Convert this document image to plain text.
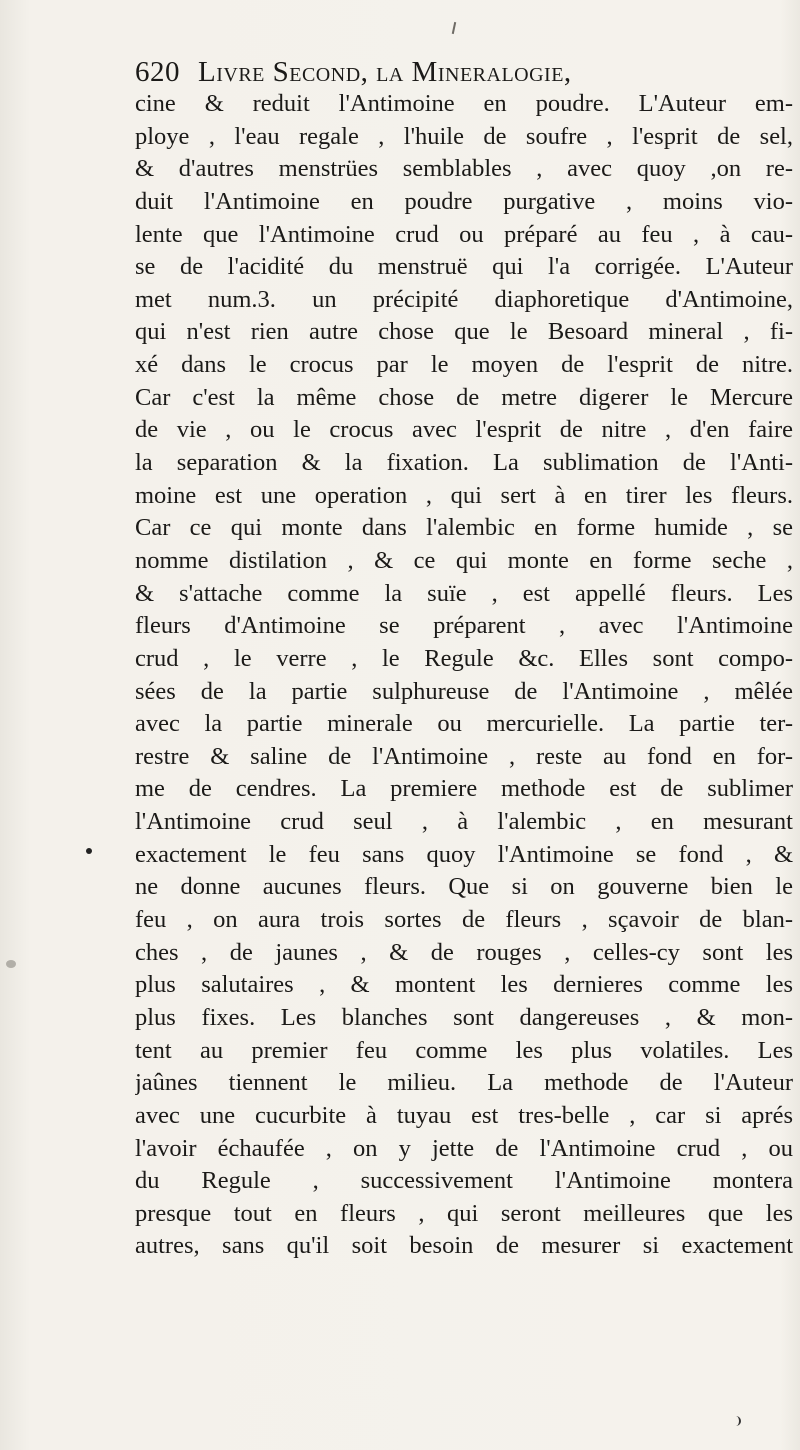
620 Livre Second, la Mineralogie,
cine & reduit l'Antimoine en poudre. L'Auteur em-
ploye , l'eau regale , l'huile de soufre , l'esprit de sel,
& d'autres menstrües semblables , avec quoy ,on re-
duit l'Antimoine en poudre purgative , moins vio-
lente que l'Antimoine crud ou préparé au feu , à cau-
se de l'acidité du menstruë qui l'a corrigée. L'Auteur
met num.3. un précipité diaphoretique d'Antimoine,
qui n'est rien autre chose que le Besoard mineral , fi-
xé dans le crocus par le moyen de l'esprit de nitre.
Car c'est la même chose de metre digerer le Mercure
de vie , ou le crocus avec l'esprit de nitre , d'en faire
la separation & la fixation. La sublimation de l'Anti-
moine est une operation , qui sert à en tirer les fleurs.
Car ce qui monte dans l'alembic en forme humide , se
nomme distilation , & ce qui monte en forme seche ,
& s'attache comme la suïe , est appellé fleurs. Les
fleurs d'Antimoine se préparent , avec l'Antimoine
crud , le verre , le Regule &c. Elles sont compo-
sées de la partie sulphureuse de l'Antimoine , mêlée
avec la partie minerale ou mercurielle. La partie ter-
restre & saline de l'Antimoine , reste au fond en for-
me de cendres. La premiere methode est de sublimer
l'Antimoine crud seul , à l'alembic , en mesurant
exactement le feu sans quoy l'Antimoine se fond , &
ne donne aucunes fleurs. Que si on gouverne bien le
feu , on aura trois sortes de fleurs , sçavoir de blan-
ches , de jaunes , & de rouges , celles-cy sont les
plus salutaires , & montent les dernieres comme les
plus fixes. Les blanches sont dangereuses , & mon-
tent au premier feu comme les plus volatiles. Les
jaûnes tiennent le milieu. La methode de l'Auteur
avec une cucurbite à tuyau est tres-belle , car si aprés
l'avoir échaufée , on y jette de l'Antimoine crud , ou
du Regule , successivement l'Antimoine montera
presque tout en fleurs , qui seront meilleures que les
autres, sans qu'il soit besoin de mesurer si exactement
